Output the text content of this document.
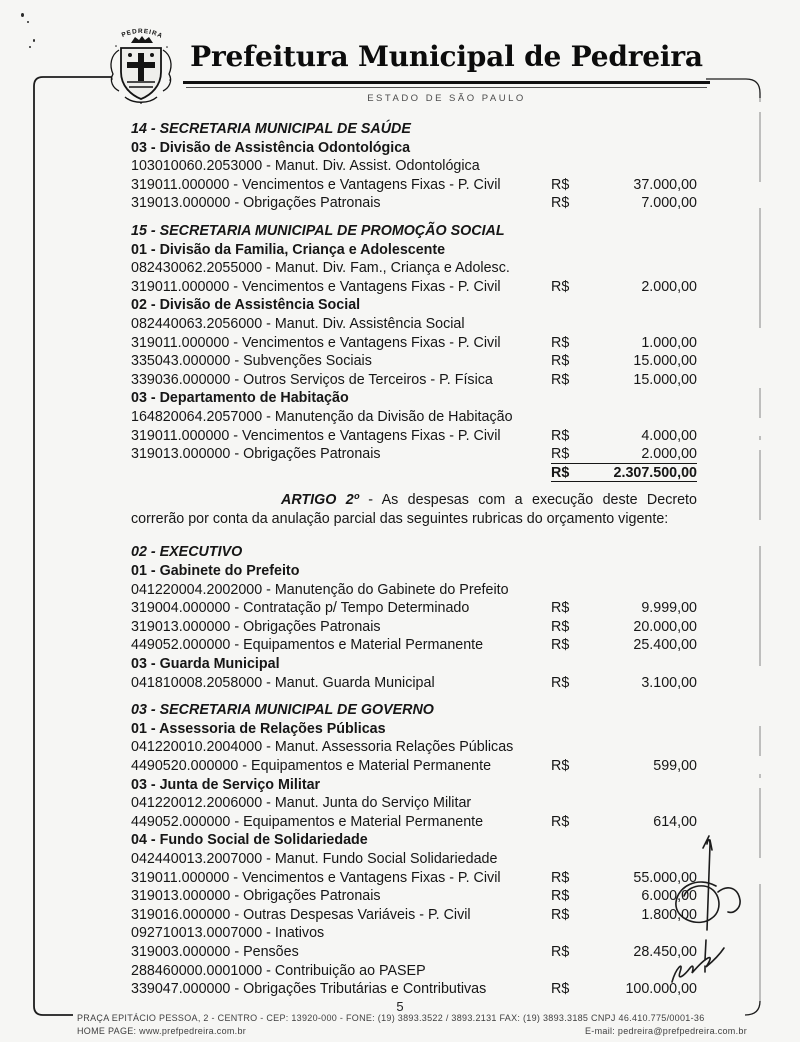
PEDREIRA
Prefeitura Municipal de Pedreira
ESTADO DE SÃO PAULO
14 - SECRETARIA MUNICIPAL DE SAÚDE
03 - Divisão de Assistência Odontológica
103010060.2053000 - Manut. Div. Assist. Odontológica
319011.000000 - Vencimentos e Vantagens Fixas - P. Civil	R$	37.000,00
319013.000000 - Obrigações Patronais	R$	7.000,00
15 - SECRETARIA MUNICIPAL DE PROMOÇÃO SOCIAL
01 - Divisão da Familia, Criança e Adolescente
082430062.2055000 - Manut. Div. Fam., Criança e Adolesc.
319011.000000 - Vencimentos e Vantagens Fixas - P. Civil	R$	2.000,00
02 - Divisão de Assistência Social
082440063.2056000 - Manut. Div. Assistência Social
319011.000000 - Vencimentos e Vantagens Fixas - P. Civil	R$	1.000,00
335043.000000 - Subvenções Sociais	R$	15.000,00
339036.000000 - Outros Serviços de Terceiros - P. Física	R$	15.000,00
03 - Departamento de Habitação
164820064.2057000 - Manutenção da Divisão de Habitação
319011.000000 - Vencimentos e Vantagens Fixas - P. Civil	R$	4.000,00
319013.000000 - Obrigações Patronais	R$	2.000,00
R$	2.307.500,00

ARTIGO 2º - As despesas com a execução deste Decreto correrão por conta da anulação parcial das seguintes rubricas do orçamento vigente:

02 - EXECUTIVO
01 - Gabinete do Prefeito
041220004.2002000 - Manutenção do Gabinete do Prefeito
319004.000000 - Contratação p/ Tempo Determinado	R$	9.999,00
319013.000000 - Obrigações Patronais	R$	20.000,00
449052.000000 - Equipamentos e Material Permanente	R$	25.400,00
03 - Guarda Municipal
041810008.2058000 - Manut. Guarda Municipal	R$	3.100,00
03 - SECRETARIA MUNICIPAL DE GOVERNO
01 - Assessoria de Relações Públicas
041220010.2004000 - Manut. Assessoria Relações Públicas
4490520.000000 - Equipamentos e Material Permanente	R$	599,00
03 - Junta de Serviço Militar
041220012.2006000 - Manut. Junta do Serviço Militar
449052.000000 - Equipamentos e Material Permanente	R$	614,00
04 - Fundo Social de Solidariedade
042440013.2007000 - Manut. Fundo Social Solidariedade
319011.000000 - Vencimentos e Vantagens Fixas - P. Civil	R$	55.000,00
319013.000000 - Obrigações Patronais	R$	6.000,00
319016.000000 - Outras Despesas Variáveis - P. Civil	R$	1.800,00
092710013.0007000 - Inativos
319003.000000 - Pensões	R$	28.450,00
288460000.0001000 - Contribuição ao PASEP
339047.000000 - Obrigações Tributárias e Contributivas	R$	100.000,00
5
PRAÇA EPITÁCIO PESSOA, 2 - CENTRO - CEP: 13920-000 - FONE: (19) 3893.3522 / 3893.2131 FAX: (19) 3893.3185 CNPJ 46.410.775/0001-36
HOME PAGE: www.prefpedreira.com.br	E-mail: pedreira@prefpedreira.com.br
